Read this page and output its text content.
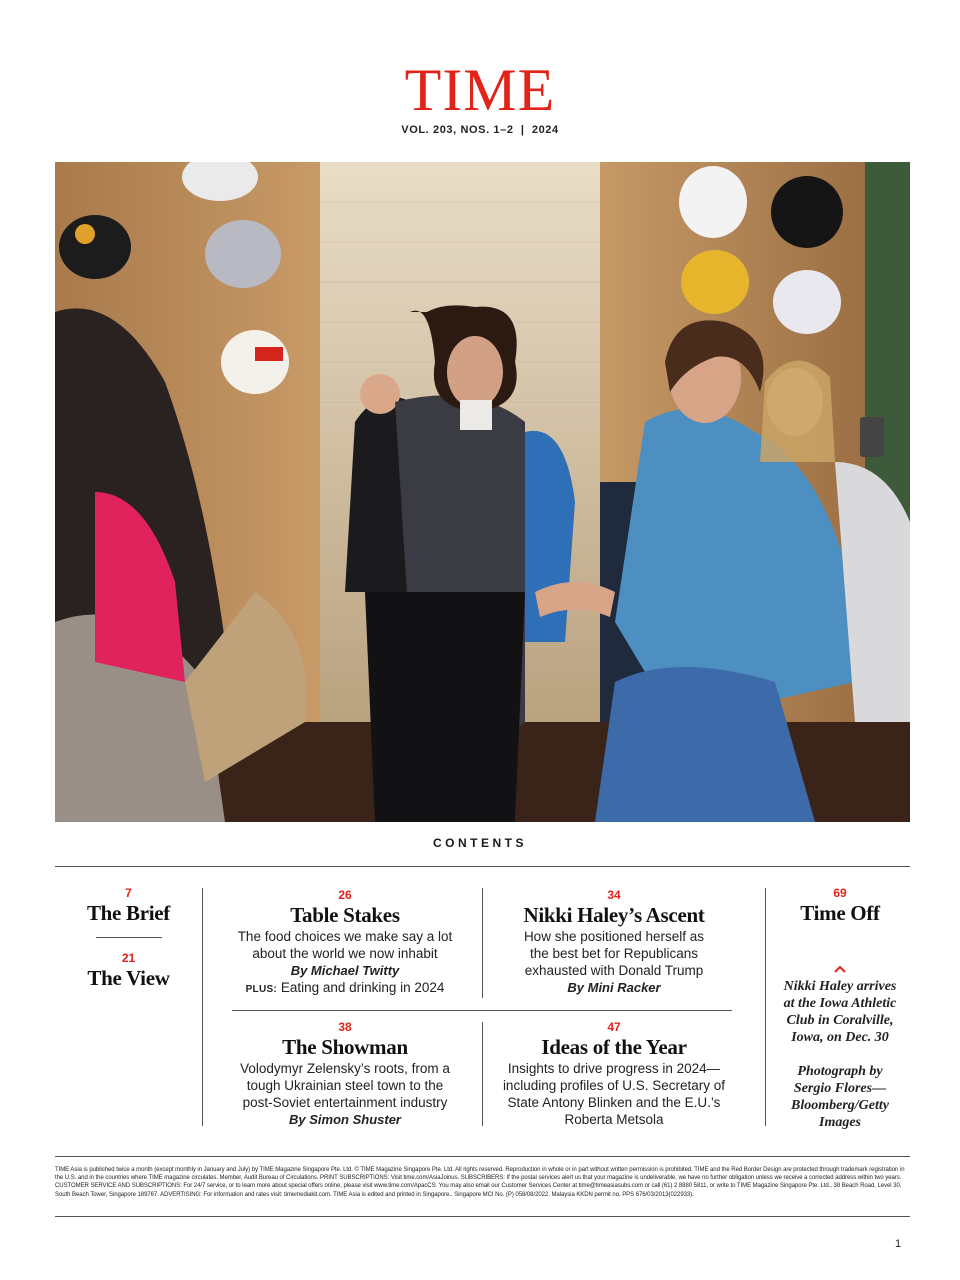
TIME
VOL. 203, NOS. 1–2  |  2024
CONTENTS
7
The Brief
21
The View
26
Table Stakes
The food choices we make say a lot
about the world we now inhabit
By Michael Twitty
PLUS: Eating and drinking in 2024
34
Nikki Haley’s Ascent
How she positioned herself as
the best bet for Republicans
exhausted with Donald Trump
By Mini Racker
69
Time Off
38
The Showman
Volodymyr Zelensky’s roots, from a
tough Ukrainian steel town to the
post-Soviet entertainment industry
By Simon Shuster
47
Ideas of the Year
Insights to drive progress in 2024—
including profiles of U.S. Secretary of
State Antony Blinken and the E.U.’s
Roberta Metsola
Nikki Haley arrives
at the Iowa Athletic
Club in Coralville,
Iowa, on Dec. 30
Photograph by
Sergio Flores—
Bloomberg/Getty
Images
TIME Asia is published twice a month (except monthly in January and July) by TIME Magazine Singapore Pte. Ltd. © TIME Magazine Singapore Pte. Ltd. All rights reserved. Reproduction in whole or in part without written permission is prohibited. TIME and the Red Border Design are protected through trademark registration in the U.S. and in the countries where TIME magazine circulates. Member, Audit Bureau of Circulations. PRINT SUBSCRIPTIONS: Visit time.com/AsiaJoinus. SUBSCRIBERS: If the postal services alert us that your magazine is undeliverable, we have no further obligation unless we receive a corrected address within two years. CUSTOMER SERVICE AND SUBSCRIPTIONS: For 24/7 service, or to learn more about special offers online, please visit www.time.com/ApacCS. You may also email our Customer Services Center at time@timeasiasubs.com or call (61) 2 8880 5811, or write to TIME Magazine Singapore Pte. Ltd., 38 Beach Road, Level 30, South Beach Tower, Singapore 189767. ADVERTISING: For information and rates visit: timemediakit.com. TIME Asia is edited and printed in Singapore.. Singapore MCI No. (P) 058/08/2022. Malaysia KKDN permit no. PPS 676/03/2013(022933).
1
